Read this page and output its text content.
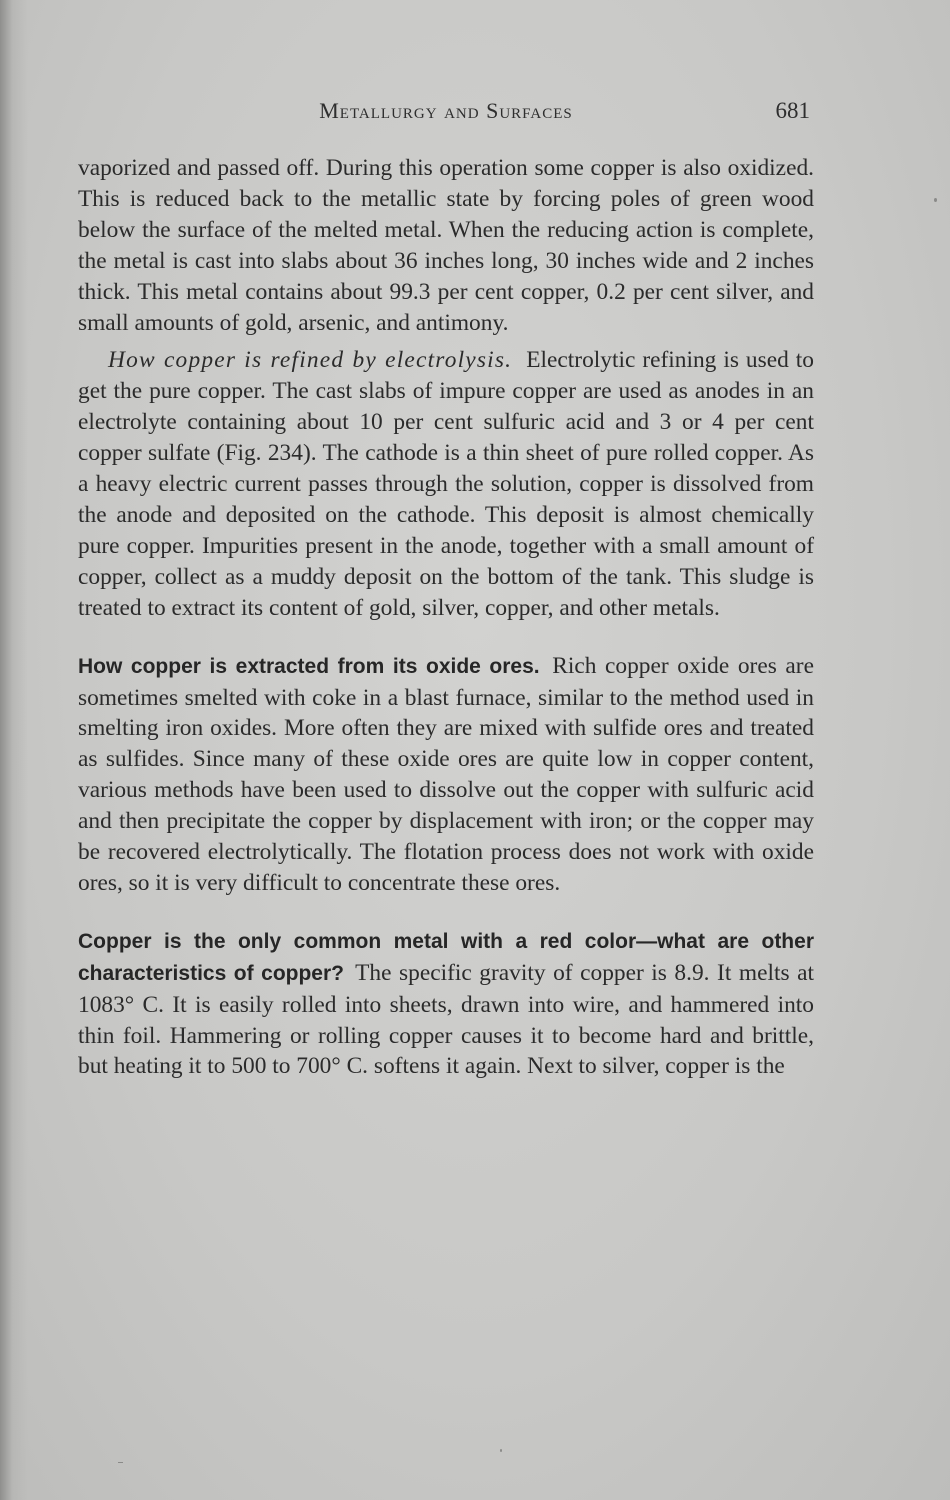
Metallurgy and Surfaces	681

vaporized and passed off. During this operation some copper is also oxidized. This is reduced back to the metallic state by forcing poles of green wood below the surface of the melted metal. When the reducing action is complete, the metal is cast into slabs about 36 inches long, 30 inches wide and 2 inches thick. This metal contains about 99.3 per cent copper, 0.2 per cent silver, and small amounts of gold, arsenic, and antimony.

How copper is refined by electrolysis. Electrolytic refining is used to get the pure copper. The cast slabs of impure copper are used as anodes in an electrolyte containing about 10 per cent sulfuric acid and 3 or 4 per cent copper sulfate (Fig. 234). The cathode is a thin sheet of pure rolled copper. As a heavy electric current passes through the solution, copper is dissolved from the anode and deposited on the cathode. This deposit is almost chemically pure copper. Impurities present in the anode, together with a small amount of copper, collect as a muddy deposit on the bottom of the tank. This sludge is treated to extract its content of gold, silver, copper, and other metals.

How copper is extracted from its oxide ores. Rich copper oxide ores are sometimes smelted with coke in a blast furnace, similar to the method used in smelting iron oxides. More often they are mixed with sulfide ores and treated as sulfides. Since many of these oxide ores are quite low in copper content, various methods have been used to dissolve out the copper with sulfuric acid and then precipitate the copper by displacement with iron; or the copper may be recovered electrolytically. The flotation process does not work with oxide ores, so it is very difficult to concentrate these ores.

Copper is the only common metal with a red color—what are other characteristics of copper? The specific gravity of copper is 8.9. It melts at 1083° C. It is easily rolled into sheets, drawn into wire, and hammered into thin foil. Hammering or rolling copper causes it to become hard and brittle, but heating it to 500 to 700° C. softens it again. Next to silver, copper is the
